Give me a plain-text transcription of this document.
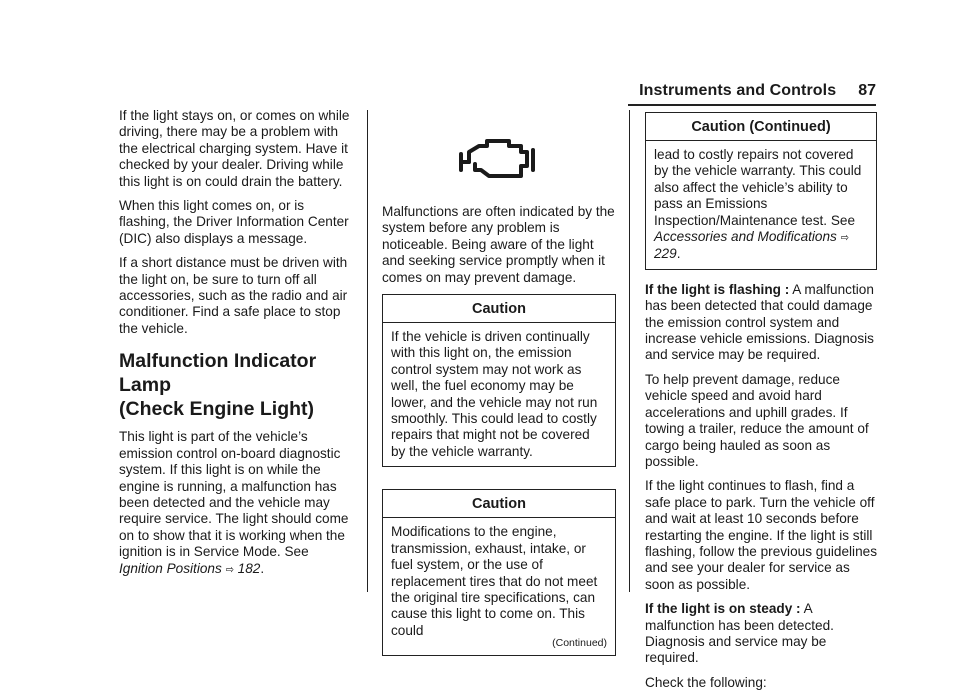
Instruments and Controls 87

If the light stays on, or comes on while driving, there may be a problem with the electrical charging system. Have it checked by your dealer. Driving while this light is on could drain the battery.

When this light comes on, or is flashing, the Driver Information Center (DIC) also displays a message.

If a short distance must be driven with the light on, be sure to turn off all accessories, such as the radio and air conditioner. Find a safe place to stop the vehicle.

Malfunction Indicator Lamp
(Check Engine Light)

This light is part of the vehicle’s emission control on-board diagnostic system. If this light is on while the engine is running, a malfunction has been detected and the vehicle may require service. The light should come on to show that it is working when the ignition is in Service Mode. See Ignition Positions ⇨ 182.

Malfunctions are often indicated by the system before any problem is noticeable. Being aware of the light and seeking service promptly when it comes on may prevent damage.

Caution
If the vehicle is driven continually with this light on, the emission control system may not work as well, the fuel economy may be lower, and the vehicle may not run smoothly. This could lead to costly repairs that might not be covered by the vehicle warranty.
Caution
Modifications to the engine, transmission, exhaust, intake, or fuel system, or the use of replacement tires that do not meet the original tire specifications, can cause this light to come on. This could
(Continued)
Caution (Continued)
lead to costly repairs not covered by the vehicle warranty. This could also affect the vehicle’s ability to pass an Emissions Inspection/Maintenance test. See Accessories and Modifications ⇨ 229.

If the light is flashing : A malfunction has been detected that could damage the emission control system and increase vehicle emissions. Diagnosis and service may be required.

To help prevent damage, reduce vehicle speed and avoid hard accelerations and uphill grades. If towing a trailer, reduce the amount of cargo being hauled as soon as possible.

If the light continues to flash, find a safe place to park. Turn the vehicle off and wait at least 10 seconds before restarting the engine. If the light is still flashing, follow the previous guidelines and see your dealer for service as soon as possible.

If the light is on steady : A malfunction has been detected. Diagnosis and service may be required.

Check the following:
